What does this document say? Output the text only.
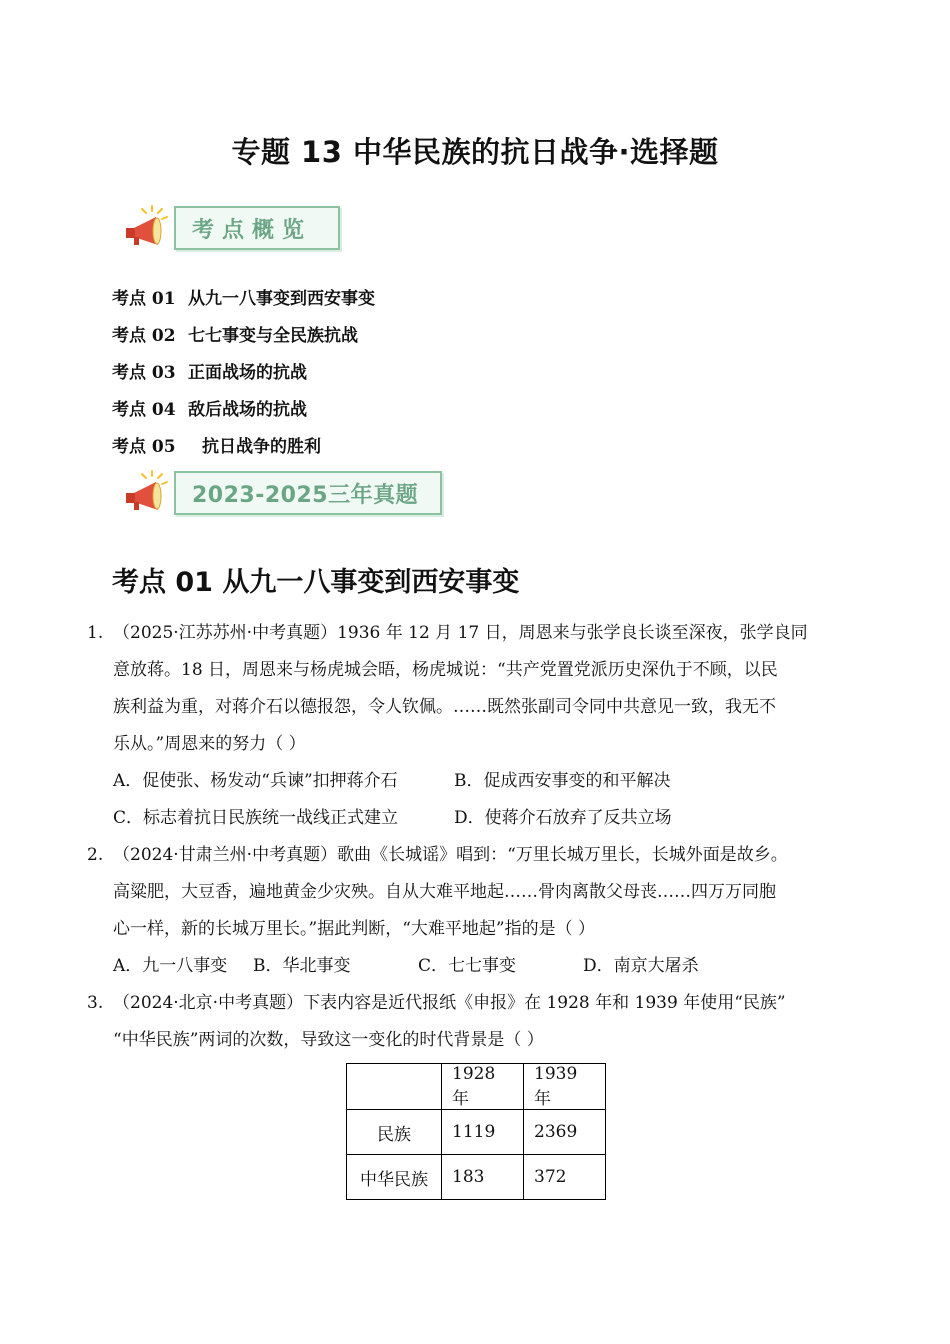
专题 13 中华民族的抗日战争·选择题
考点概览
考点 01 从九一八事变到西安事变
考点 02 七七事变与全民族抗战
考点 03 正面战场的抗战
考点 04 敌后战场的抗战
考点 05	抗日战争的胜利
2023-2025三年真题
考点 01 从九一八事变到西安事变
1. （2025·江苏苏州·中考真题）1936 年 12 月 17 日，周恩来与张学良长谈至深夜，张学良同
意放蒋。18 日，周恩来与杨虎城会晤，杨虎城说：“共产党置党派历史深仇于不顾，以民
族利益为重，对蒋介石以德报怨，令人钦佩。……既然张副司令同中共意见一致，我无不
乐从。”周恩来的努力（ ）
A．促使张、杨发动“兵谏”扣押蒋介石	B．促成西安事变的和平解决
C．标志着抗日民族统一战线正式建立	D．使蒋介石放弃了反共立场
2. （2024·甘肃兰州·中考真题）歌曲《长城谣》唱到：“万里长城万里长，长城外面是故乡。
高粱肥，大豆香，遍地黄金少灾殃。自从大难平地起……骨肉离散父母丧……四万万同胞
心一样，新的长城万里长。”据此判断，“大难平地起”指的是（ ）
A．九一八事变 B．华北事变	C．七七事变	D．南京大屠杀
3. （2024·北京·中考真题）下表内容是近代报纸《申报》在 1928 年和 1939 年使用“民族”
“中华民族”两词的次数，导致这一变化的时代背景是（ ）
	1928 年	1939 年
民族	1119	2369
中华民族	183	372
